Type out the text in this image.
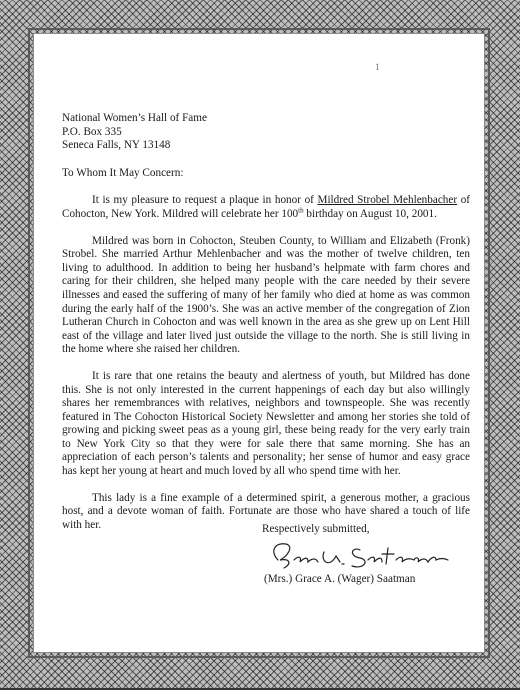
1
National Women’s Hall of Fame
P.O. Box 335
Seneca Falls, NY 13148
To Whom It May Concern:
It is my pleasure to request a plaque in honor of Mildred Strobel Mehlenbacher of Cohocton, New York. Mildred will celebrate her 100th birthday on August 10, 2001.
Mildred was born in Cohocton, Steuben County, to William and Elizabeth (Fronk) Strobel. She married Arthur Mehlenbacher and was the mother of twelve children, ten living to adulthood. In addition to being her husband’s helpmate with farm chores and caring for their children, she helped many people with the care needed by their severe illnesses and eased the suffering of many of her family who died at home as was common during the early half of the 1900’s. She was an active member of the congregation of Zion Lutheran Church in Cohocton and was well known in the area as she grew up on Lent Hill east of the village and later lived just outside the village to the north. She is still living in the home where she raised her children.
It is rare that one retains the beauty and alertness of youth, but Mildred has done this. She is not only interested in the current happenings of each day but also willingly shares her remembrances with relatives, neighbors and townspeople. She was recently featured in The Cohocton Historical Society Newsletter and among her stories she told of growing and picking sweet peas as a young girl, these being ready for the very early train to New York City so that they were for sale there that same morning. She has an appreciation of each person’s talents and personality; her sense of humor and easy grace has kept her young at heart and much loved by all who spend time with her.
This lady is a fine example of a determined spirit, a generous mother, a gracious host, and a devote woman of faith. Fortunate are those who have shared a touch of life with her.	Respectively submitted,
(Mrs.) Grace A. (Wager) Saatman
